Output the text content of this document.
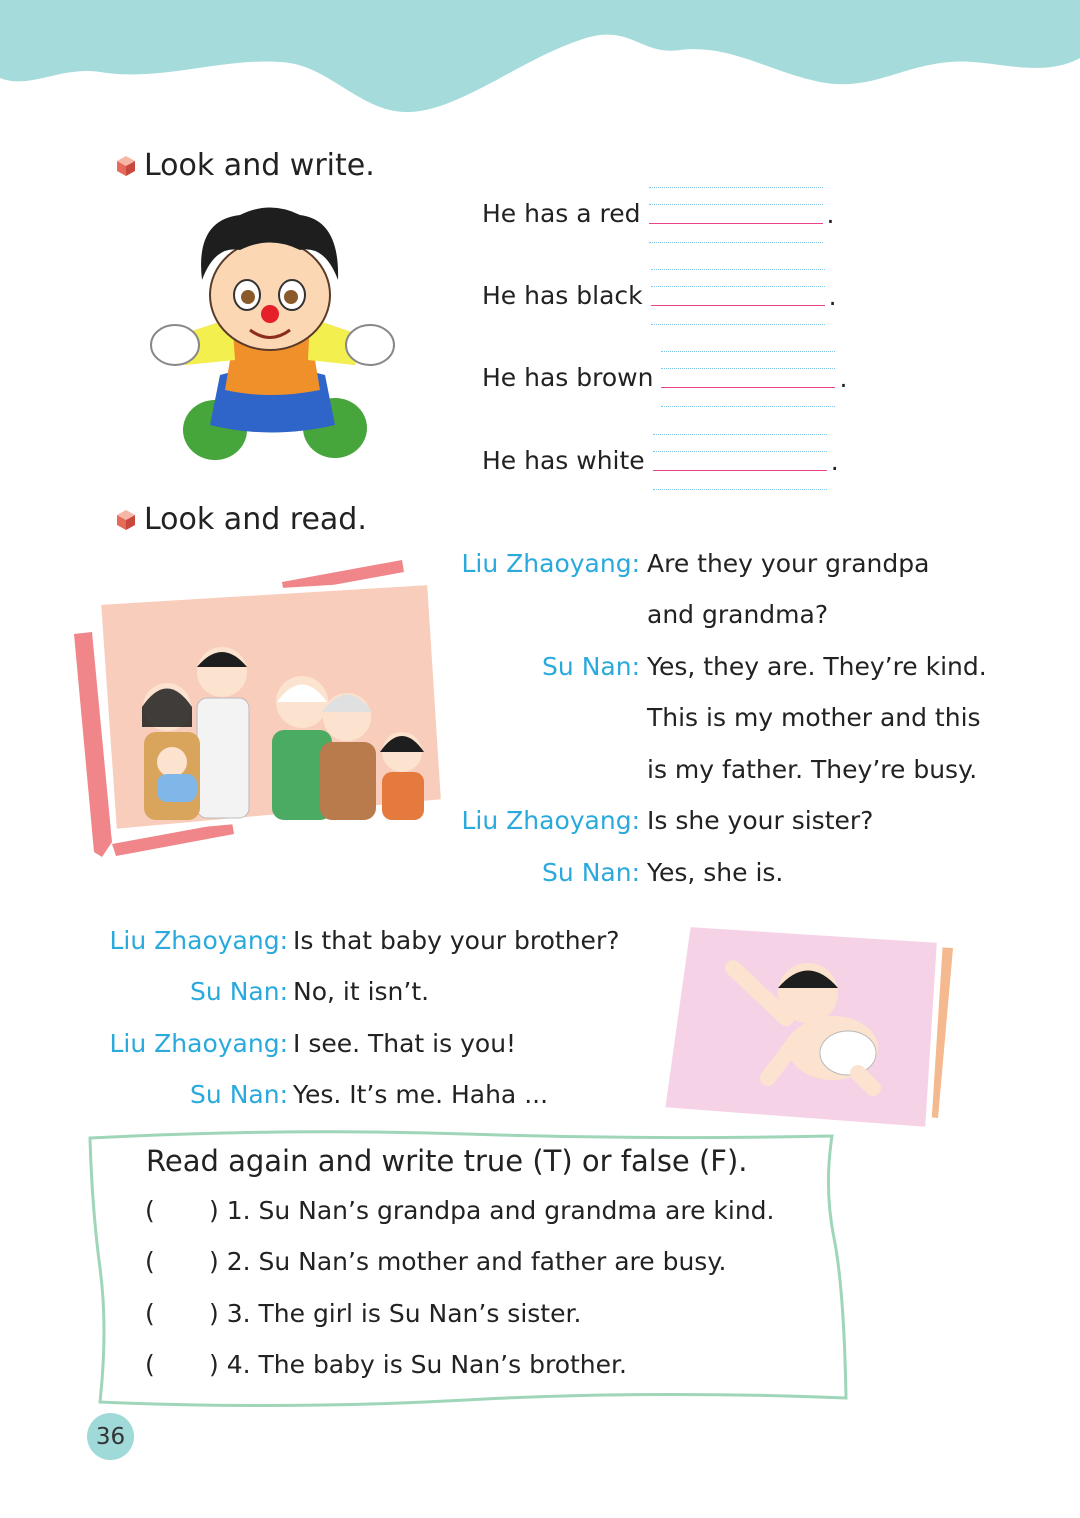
Look and write.
He has a red	.
He has black	.
He has brown	.
He has white	.
Look and read.
Liu Zhaoyang: Are they your grandpa
and grandma?
Su Nan: Yes, they are. They’re kind.
This is my mother and this
is my father. They’re busy.
Liu Zhaoyang: Is she your sister?
Su Nan: Yes, she is.
Liu Zhaoyang: Is that baby your brother?
Su Nan: No, it isn’t.
Liu Zhaoyang: I see. That is you!
Su Nan: Yes. It’s me. Haha ...
Read again and write true (T) or false (F).
( ) 1. Su Nan’s grandpa and grandma are kind.
( ) 2. Su Nan’s mother and father are busy.
( ) 3. The girl is Su Nan’s sister.
( ) 4. The baby is Su Nan’s brother.
36
